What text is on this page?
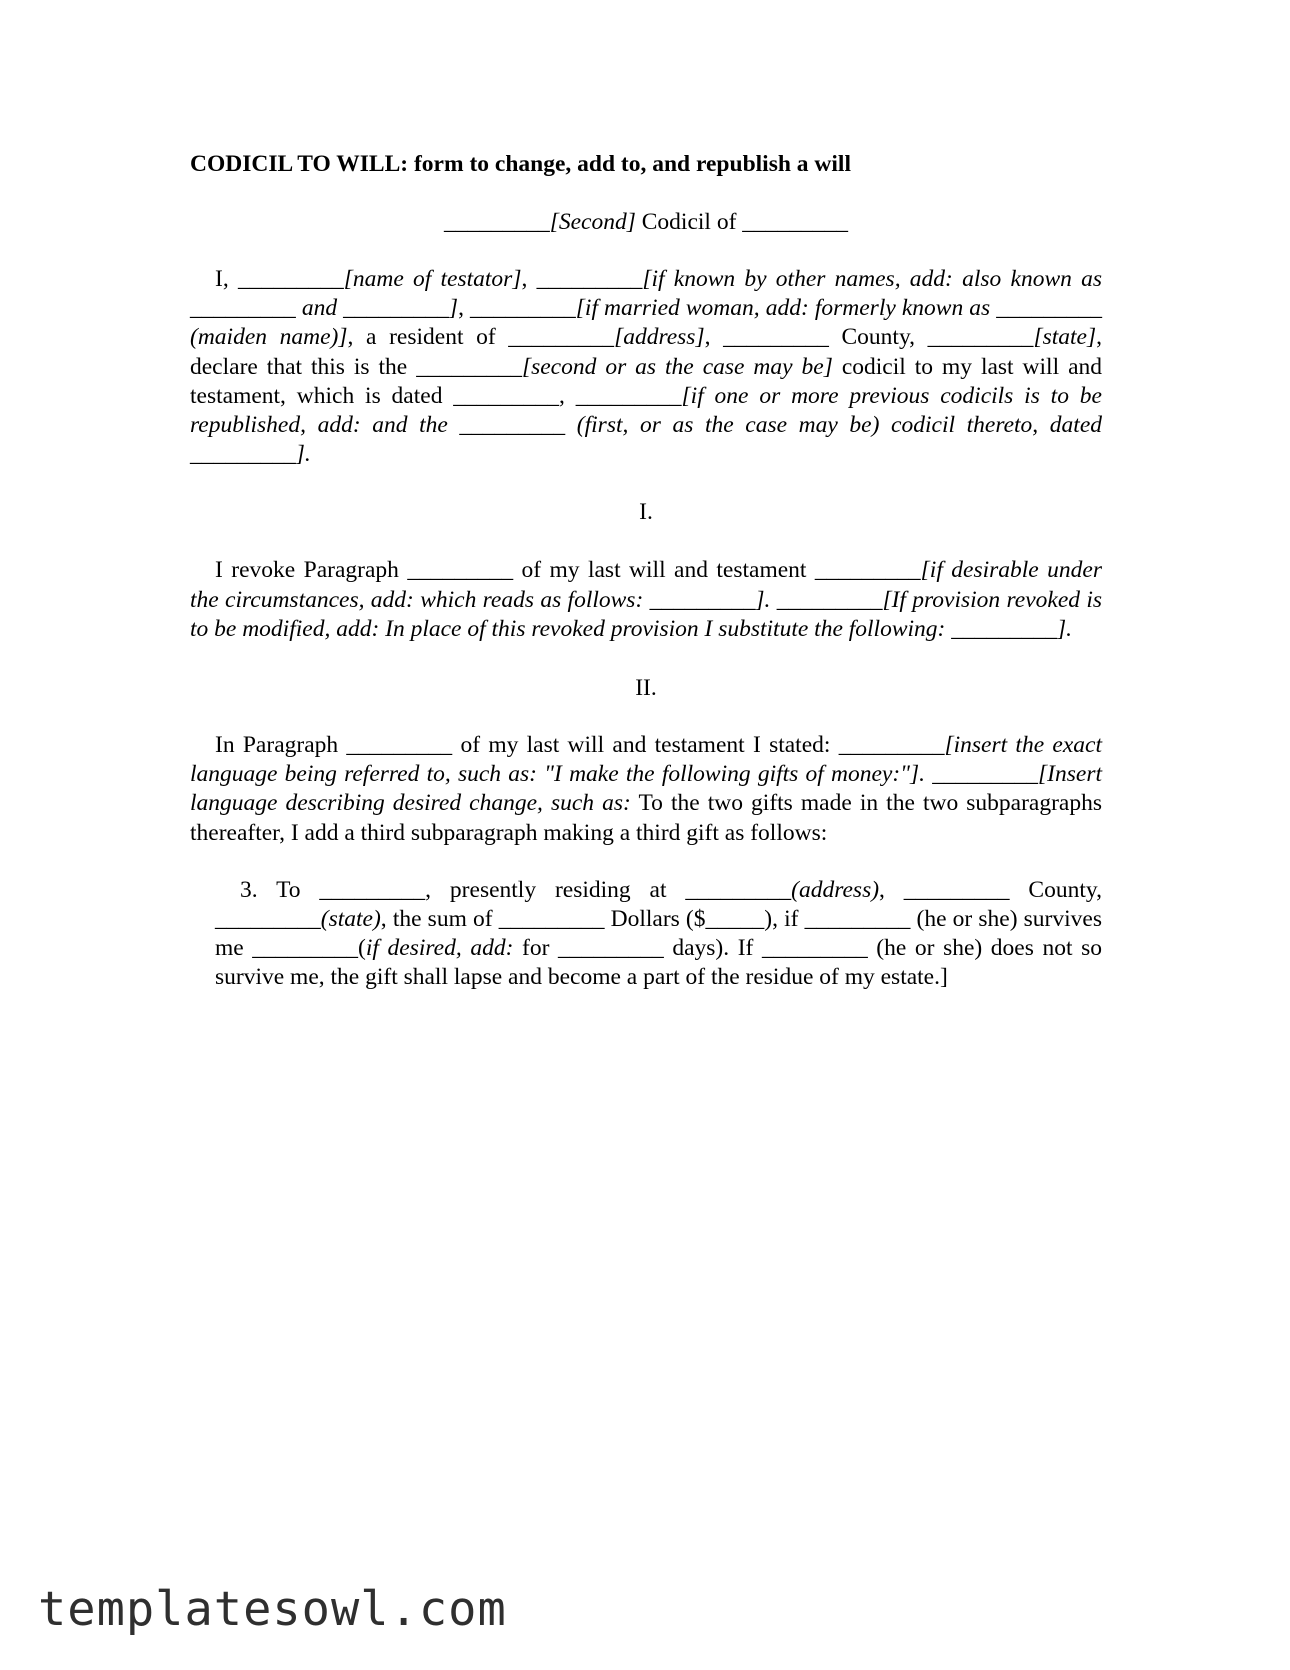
CODICIL TO WILL: form to change, add to, and republish a will
_________[Second] Codicil of _________

I, _________[name of testator], _________[if known by other names, add: also known as _________ and _________], _________[if married woman, add: formerly known as _________ (maiden name)], a resident of _________[address], _________ County, _________[state], declare that this is the _________[second or as the case may be] codicil to my last will and testament, which is dated _________, _________[if one or more previous codicils is to be republished, add: and the _________ (first, or as the case may be) codicil thereto, dated _________].

I.

I revoke Paragraph _________ of my last will and testament _________[if desirable under the circumstances, add: which reads as follows: _________]. _________[If provision revoked is to be modified, add: In place of this revoked provision I substitute the following: _________].

II.

In Paragraph _________ of my last will and testament I stated: _________[insert the exact language being referred to, such as: "I make the following gifts of money:"]. _________[Insert language describing desired change, such as: To the two gifts made in the two subparagraphs thereafter, I add a third subparagraph making a third gift as follows:

3. To _________, presently residing at _________(address), _________ County, _________(state), the sum of _________ Dollars ($_____), if _________ (he or she) survives me _________(if desired, add: for _________ days). If _________ (he or she) does not so survive me, the gift shall lapse and become a part of the residue of my estate.]

templatesowl.com
